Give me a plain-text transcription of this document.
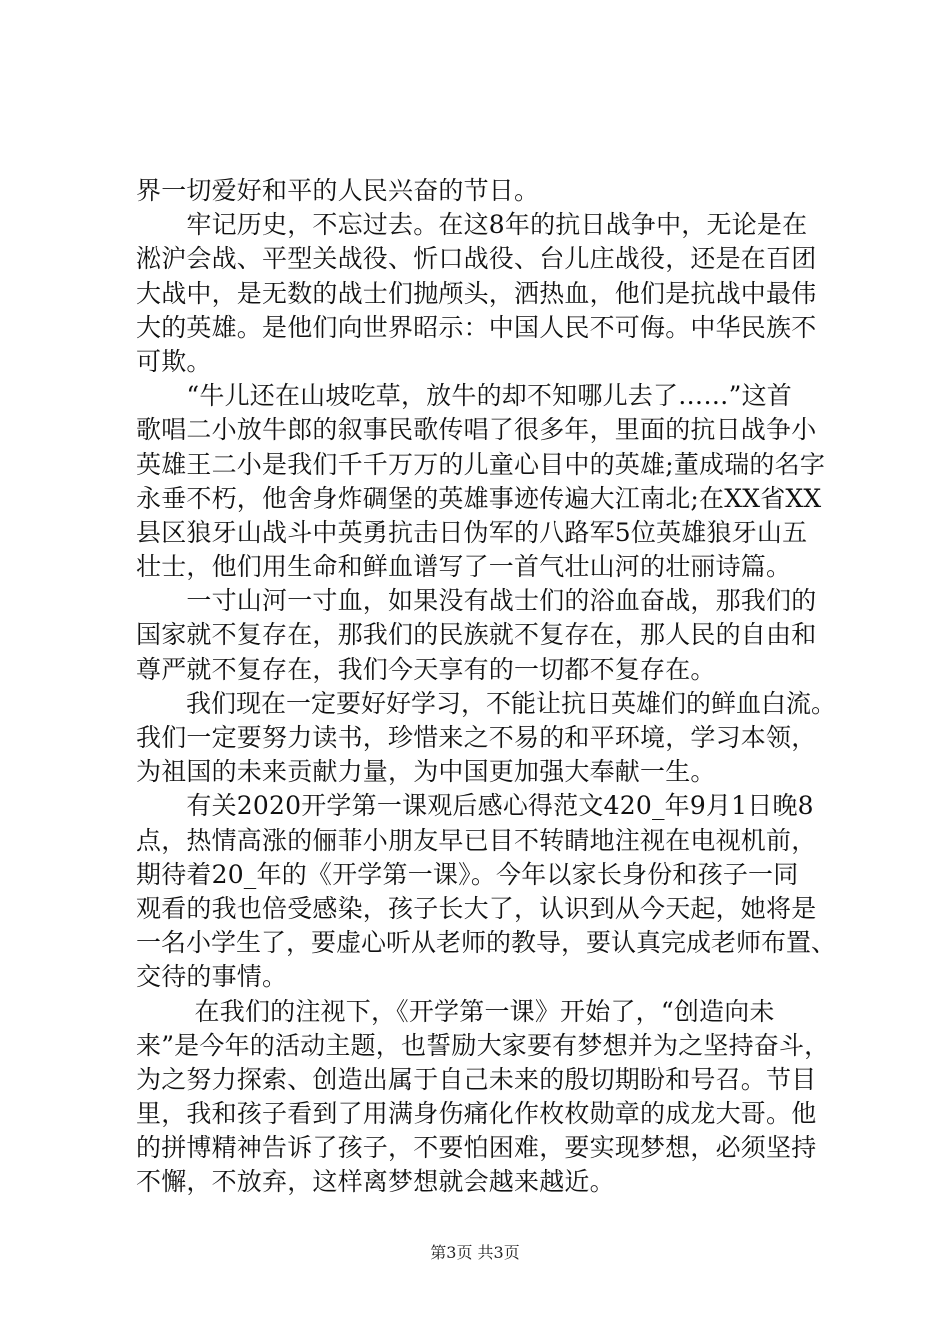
界一切爱好和平的人民兴奋的节日。
　　牢记历史，不忘过去。在这8年的抗日战争中，无论是在
淞沪会战、平型关战役、忻口战役、台儿庄战役，还是在百团
大战中，是无数的战士们抛颅头，洒热血，他们是抗战中最伟
大的英雄。是他们向世界昭示：中国人民不可侮。中华民族不
可欺。
　　“牛儿还在山坡吃草，放牛的却不知哪儿去了……”这首
歌唱二小放牛郎的叙事民歌传唱了很多年，里面的抗日战争小
英雄王二小是我们千千万万的儿童心目中的英雄;董成瑞的名字
永垂不朽，他舍身炸碉堡的英雄事迹传遍大江南北;在XX省XX
县区狼牙山战斗中英勇抗击日伪军的八路军5位英雄狼牙山五
壮士，他们用生命和鲜血谱写了一首气壮山河的壮丽诗篇。
　　一寸山河一寸血，如果没有战士们的浴血奋战，那我们的
国家就不复存在，那我们的民族就不复存在，那人民的自由和
尊严就不复存在，我们今天享有的一切都不复存在。
　　我们现在一定要好好学习，不能让抗日英雄们的鲜血白流。
我们一定要努力读书，珍惜来之不易的和平环境，学习本领，
为祖国的未来贡献力量，为中国更加强大奉献一生。
　　有关2020开学第一课观后感心得范文420_年9月1日晚8
点，热情高涨的俪菲小朋友早已目不转睛地注视在电视机前，
期待着20_年的《开学第一课》。今年以家长身份和孩子一同
观看的我也倍受感染，孩子长大了，认识到从今天起，她将是
一名小学生了，要虚心听从老师的教导，要认真完成老师布置、
交待的事情。
　　 在我们的注视下，《开学第一课》开始了，“创造向未
来”是今年的活动主题，也誓励大家要有梦想并为之坚持奋斗，
为之努力探索、创造出属于自己未来的殷切期盼和号召。节目
里，我和孩子看到了用满身伤痛化作枚枚勋章的成龙大哥。他
的拼博精神告诉了孩子，不要怕困难，要实现梦想，必须坚持
不懈，不放弃，这样离梦想就会越来越近。
第3页 共3页
